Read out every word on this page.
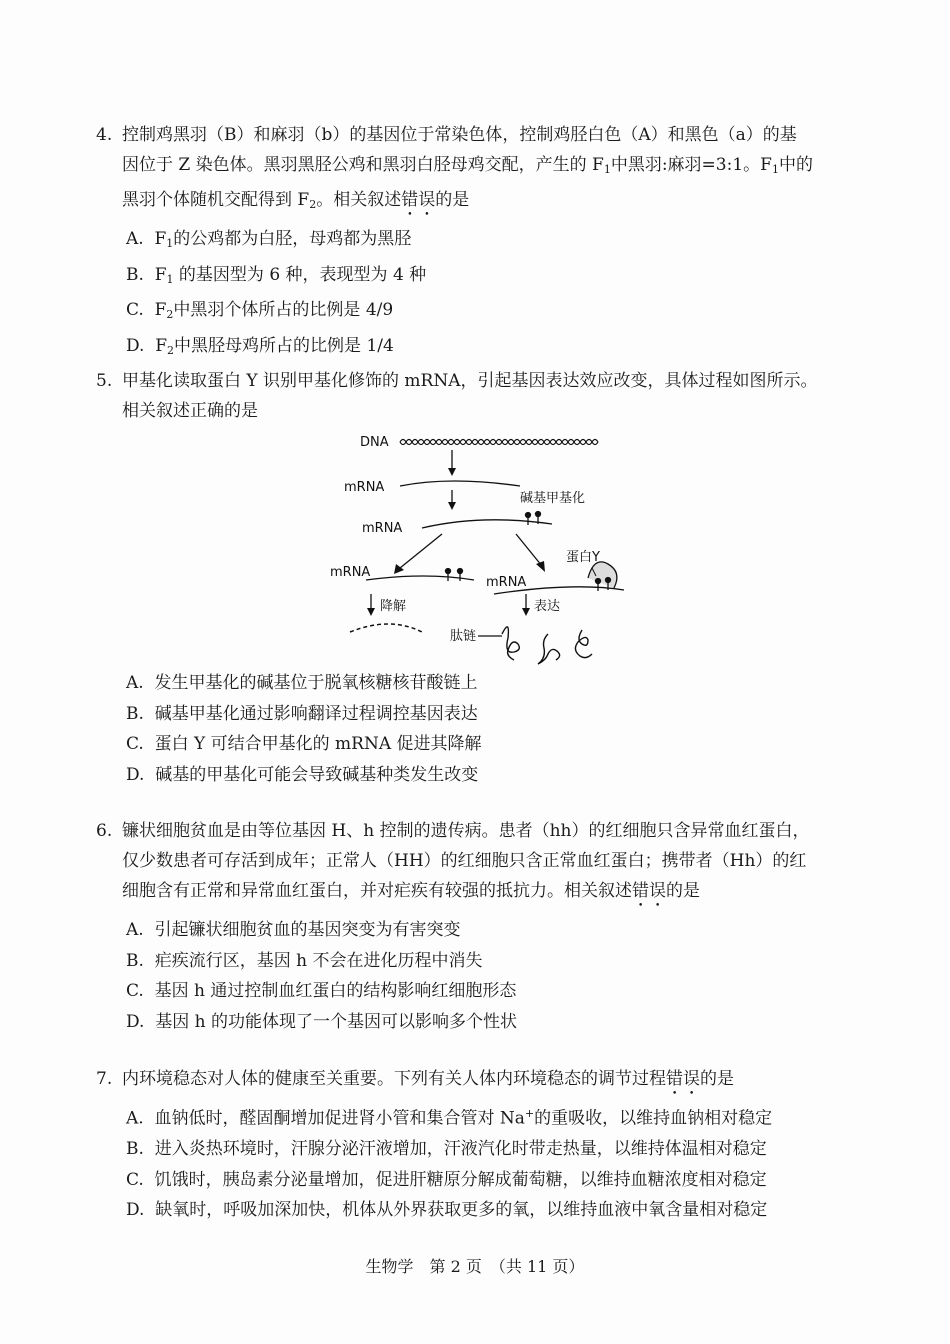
4. 控制鸡黑羽（B）和麻羽（b）的基因位于常染色体，控制鸡胫白色（A）和黑色（a）的基
因位于 Z 染色体。黑羽黑胫公鸡和黑羽白胫母鸡交配，产生的 $F_1$中黑羽:麻羽=3:1。$F_1$中的
黑羽个体随机交配得到 $F_2$。相关叙述错误的是
A. $F_1$的公鸡都为白胫，母鸡都为黑胫
B. $F_1$ 的基因型为 6 种，表现型为 4 种
C. $F_2$中黑羽个体所占的比例是 4/9
D. $F_2$中黑胫母鸡所占的比例是 1/4
5. 甲基化读取蛋白 Y 识别甲基化修饰的 mRNA，引起基因表达效应改变，具体过程如图所示。
相关叙述正确的是
DNA
mRNA
碱基甲基化
mRNA
mRNA
降解
mRNA
蛋白Y
表达
肽链
A. 发生甲基化的碱基位于脱氧核糖核苷酸链上
B. 碱基甲基化通过影响翻译过程调控基因表达
C. 蛋白 Y 可结合甲基化的 mRNA 促进其降解
D. 碱基的甲基化可能会导致碱基种类发生改变
6. 镰状细胞贫血是由等位基因 H、h 控制的遗传病。患者（hh）的红细胞只含异常血红蛋白，
仅少数患者可存活到成年；正常人（HH）的红细胞只含正常血红蛋白；携带者（Hh）的红
细胞含有正常和异常血红蛋白，并对疟疾有较强的抵抗力。相关叙述错误的是
A. 引起镰状细胞贫血的基因突变为有害突变
B. 疟疾流行区，基因 h 不会在进化历程中消失
C. 基因 h 通过控制血红蛋白的结构影响红细胞形态
D. 基因 h 的功能体现了一个基因可以影响多个性状
7. 内环境稳态对人体的健康至关重要。下列有关人体内环境稳态的调节过程错误的是
A. 血钠低时，醛固酮增加促进肾小管和集合管对 Na+的重吸收，以维持血钠相对稳定
B. 进入炎热环境时，汗腺分泌汗液增加，汗液汽化时带走热量，以维持体温相对稳定
C. 饥饿时，胰岛素分泌量增加，促进肝糖原分解成葡萄糖，以维持血糖浓度相对稳定
D. 缺氧时，呼吸加深加快，机体从外界获取更多的氧，以维持血液中氧含量相对稳定
生物学　第 2 页　（共 11 页）
